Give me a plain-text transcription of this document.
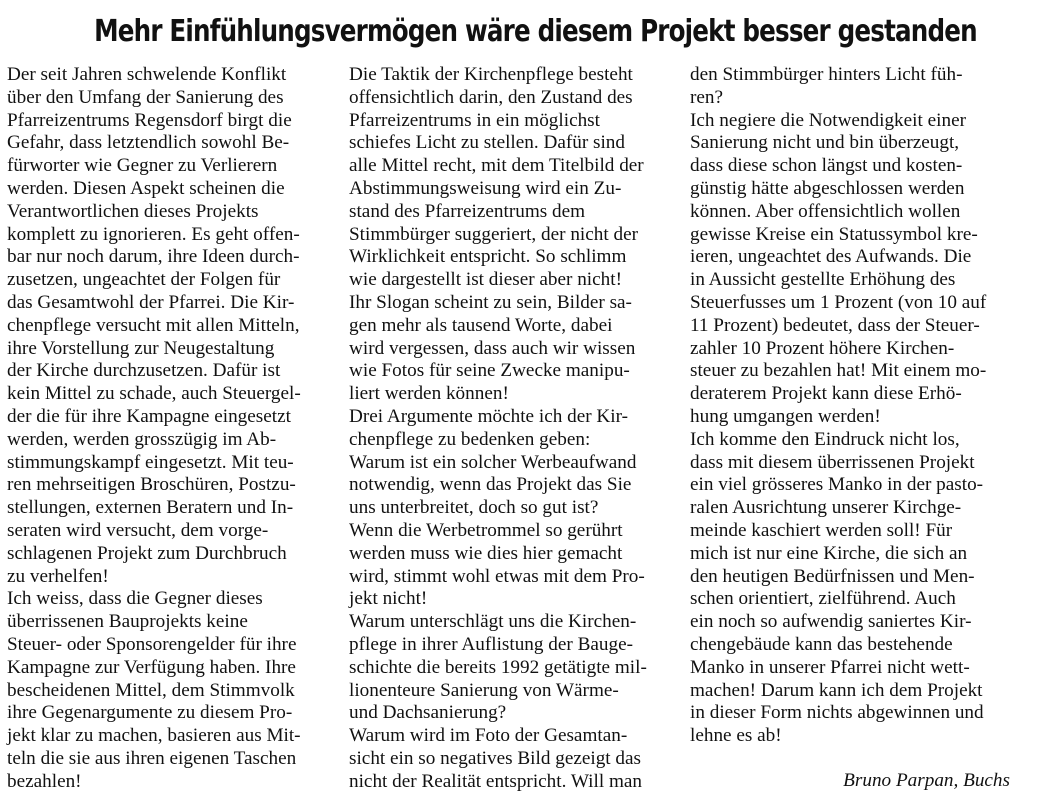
Mehr Einfühlungsvermögen wäre diesem Projekt besser gestanden
Der seit Jahren schwelende Konflikt
über den Umfang der Sanierung des
Pfarreizentrums Regensdorf birgt die
Gefahr, dass letztendlich sowohl Be-
fürworter wie Gegner zu Verlierern
werden. Diesen Aspekt scheinen die
Verantwortlichen dieses Projekts
komplett zu ignorieren. Es geht offen-
bar nur noch darum, ihre Ideen durch-
zusetzen, ungeachtet der Folgen für
das Gesamtwohl der Pfarrei. Die Kir-
chenpflege versucht mit allen Mitteln,
ihre Vorstellung zur Neugestaltung
der Kirche durchzusetzen. Dafür ist
kein Mittel zu schade, auch Steuergel-
der die für ihre Kampagne eingesetzt
werden, werden grosszügig im Ab-
stimmungskampf eingesetzt. Mit teu-
ren mehrseitigen Broschüren, Postzu-
stellungen, externen Beratern und In-
seraten wird versucht, dem vorge-
schlagenen Projekt zum Durchbruch
zu verhelfen!
Ich weiss, dass die Gegner dieses
überrissenen Bauprojekts keine
Steuer- oder Sponsorengelder für ihre
Kampagne zur Verfügung haben. Ihre
bescheidenen Mittel, dem Stimmvolk
ihre Gegenargumente zu diesem Pro-
jekt klar zu machen, basieren aus Mit-
teln die sie aus ihren eigenen Taschen
bezahlen!
Die Taktik der Kirchenpflege besteht
offensichtlich darin, den Zustand des
Pfarreizentrums in ein möglichst
schiefes Licht zu stellen. Dafür sind
alle Mittel recht, mit dem Titelbild der
Abstimmungsweisung wird ein Zu-
stand des Pfarreizentrums dem
Stimmbürger suggeriert, der nicht der
Wirklichkeit entspricht. So schlimm
wie dargestellt ist dieser aber nicht!
Ihr Slogan scheint zu sein, Bilder sa-
gen mehr als tausend Worte, dabei
wird vergessen, dass auch wir wissen
wie Fotos für seine Zwecke manipu-
liert werden können!
Drei Argumente möchte ich der Kir-
chenpflege zu bedenken geben:
Warum ist ein solcher Werbeaufwand
notwendig, wenn das Projekt das Sie
uns unterbreitet, doch so gut ist?
Wenn die Werbetrommel so gerührt
werden muss wie dies hier gemacht
wird, stimmt wohl etwas mit dem Pro-
jekt nicht!
Warum unterschlägt uns die Kirchen-
pflege in ihrer Auflistung der Bauge-
schichte die bereits 1992 getätigte mil-
lionenteure Sanierung von Wärme-
und Dachsanierung?
Warum wird im Foto der Gesamtan-
sicht ein so negatives Bild gezeigt das
nicht der Realität entspricht. Will man
den Stimmbürger hinters Licht füh-
ren?
Ich negiere die Notwendigkeit einer
Sanierung nicht und bin überzeugt,
dass diese schon längst und kosten-
günstig hätte abgeschlossen werden
können. Aber offensichtlich wollen
gewisse Kreise ein Statussymbol kre-
ieren, ungeachtet des Aufwands. Die
in Aussicht gestellte Erhöhung des
Steuerfusses um 1 Prozent (von 10 auf
11 Prozent) bedeutet, dass der Steuer-
zahler 10 Prozent höhere Kirchen-
steuer zu bezahlen hat! Mit einem mo-
deraterem Projekt kann diese Erhö-
hung umgangen werden!
Ich komme den Eindruck nicht los,
dass mit diesem überrissenen Projekt
ein viel grösseres Manko in der pasto-
ralen Ausrichtung unserer Kirchge-
meinde kaschiert werden soll! Für
mich ist nur eine Kirche, die sich an
den heutigen Bedürfnissen und Men-
schen orientiert, zielführend. Auch
ein noch so aufwendig saniertes Kir-
chengebäude kann das bestehende
Manko in unserer Pfarrei nicht wett-
machen! Darum kann ich dem Projekt
in dieser Form nichts abgewinnen und
lehne es ab!
Bruno Parpan, Buchs
